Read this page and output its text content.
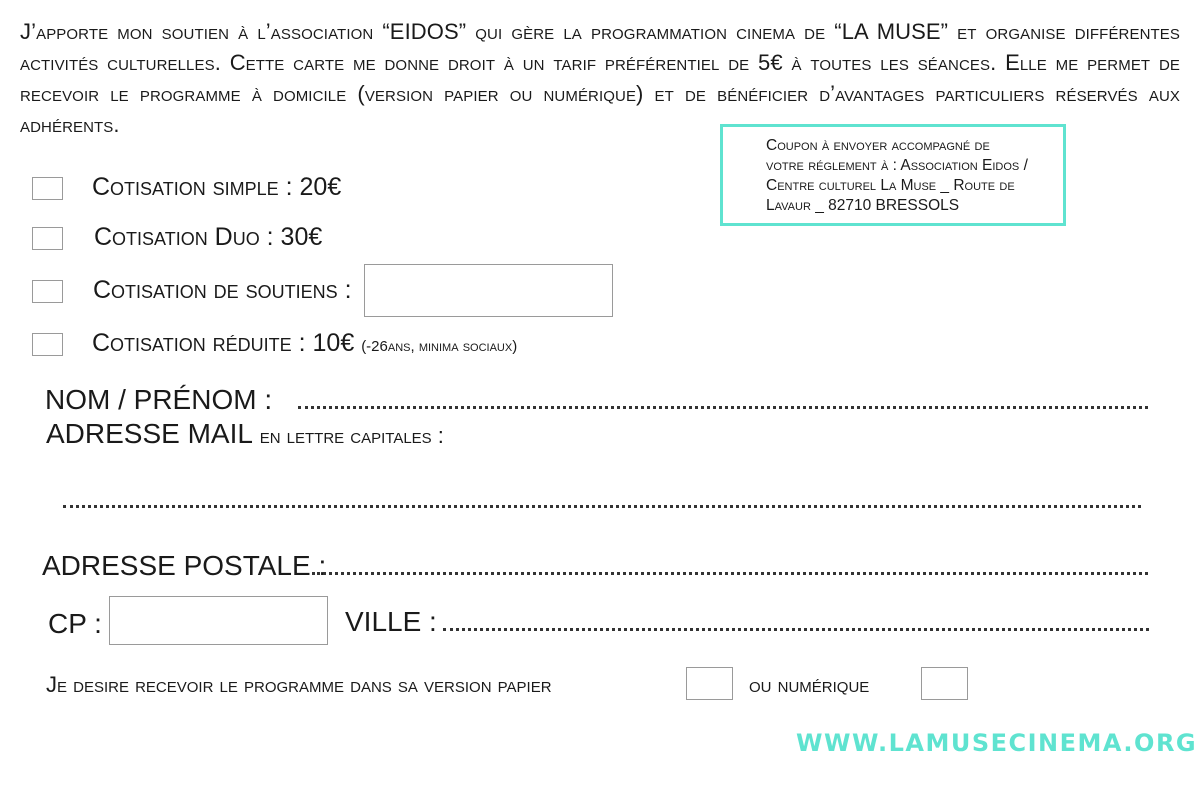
J’apporte mon soutien à l’association “EIDOS” qui gère la programmation cinema de “LA MUSE” et organise différentes activités culturelles. Cette carte me donne droit à un tarif préférentiel de 5€ à toutes les séances. Elle me permet de recevoir le programme à domicile (version papier ou numérique) et de bénéficier d’avantages particuliers réservés aux adhérents.
Coupon à envoyer accompagné de
votre réglement à : Association Eidos /
Centre culturel La Muse _ Route de
Lavaur _ 82710 BRESSOLS
Cotisation simple : 20€
Cotisation Duo : 30€
Cotisation de soutiens :
Cotisation réduite : 10€ (-26ans, minima sociaux)
NOM / PRÉNOM :
ADRESSE MAIL en lettre capitales :
ADRESSE POSTALE :
CP :	VILLE :
Je desire recevoir le programme dans sa version papier	ou numérique
WWW.LAMUSECINEMA.ORG
